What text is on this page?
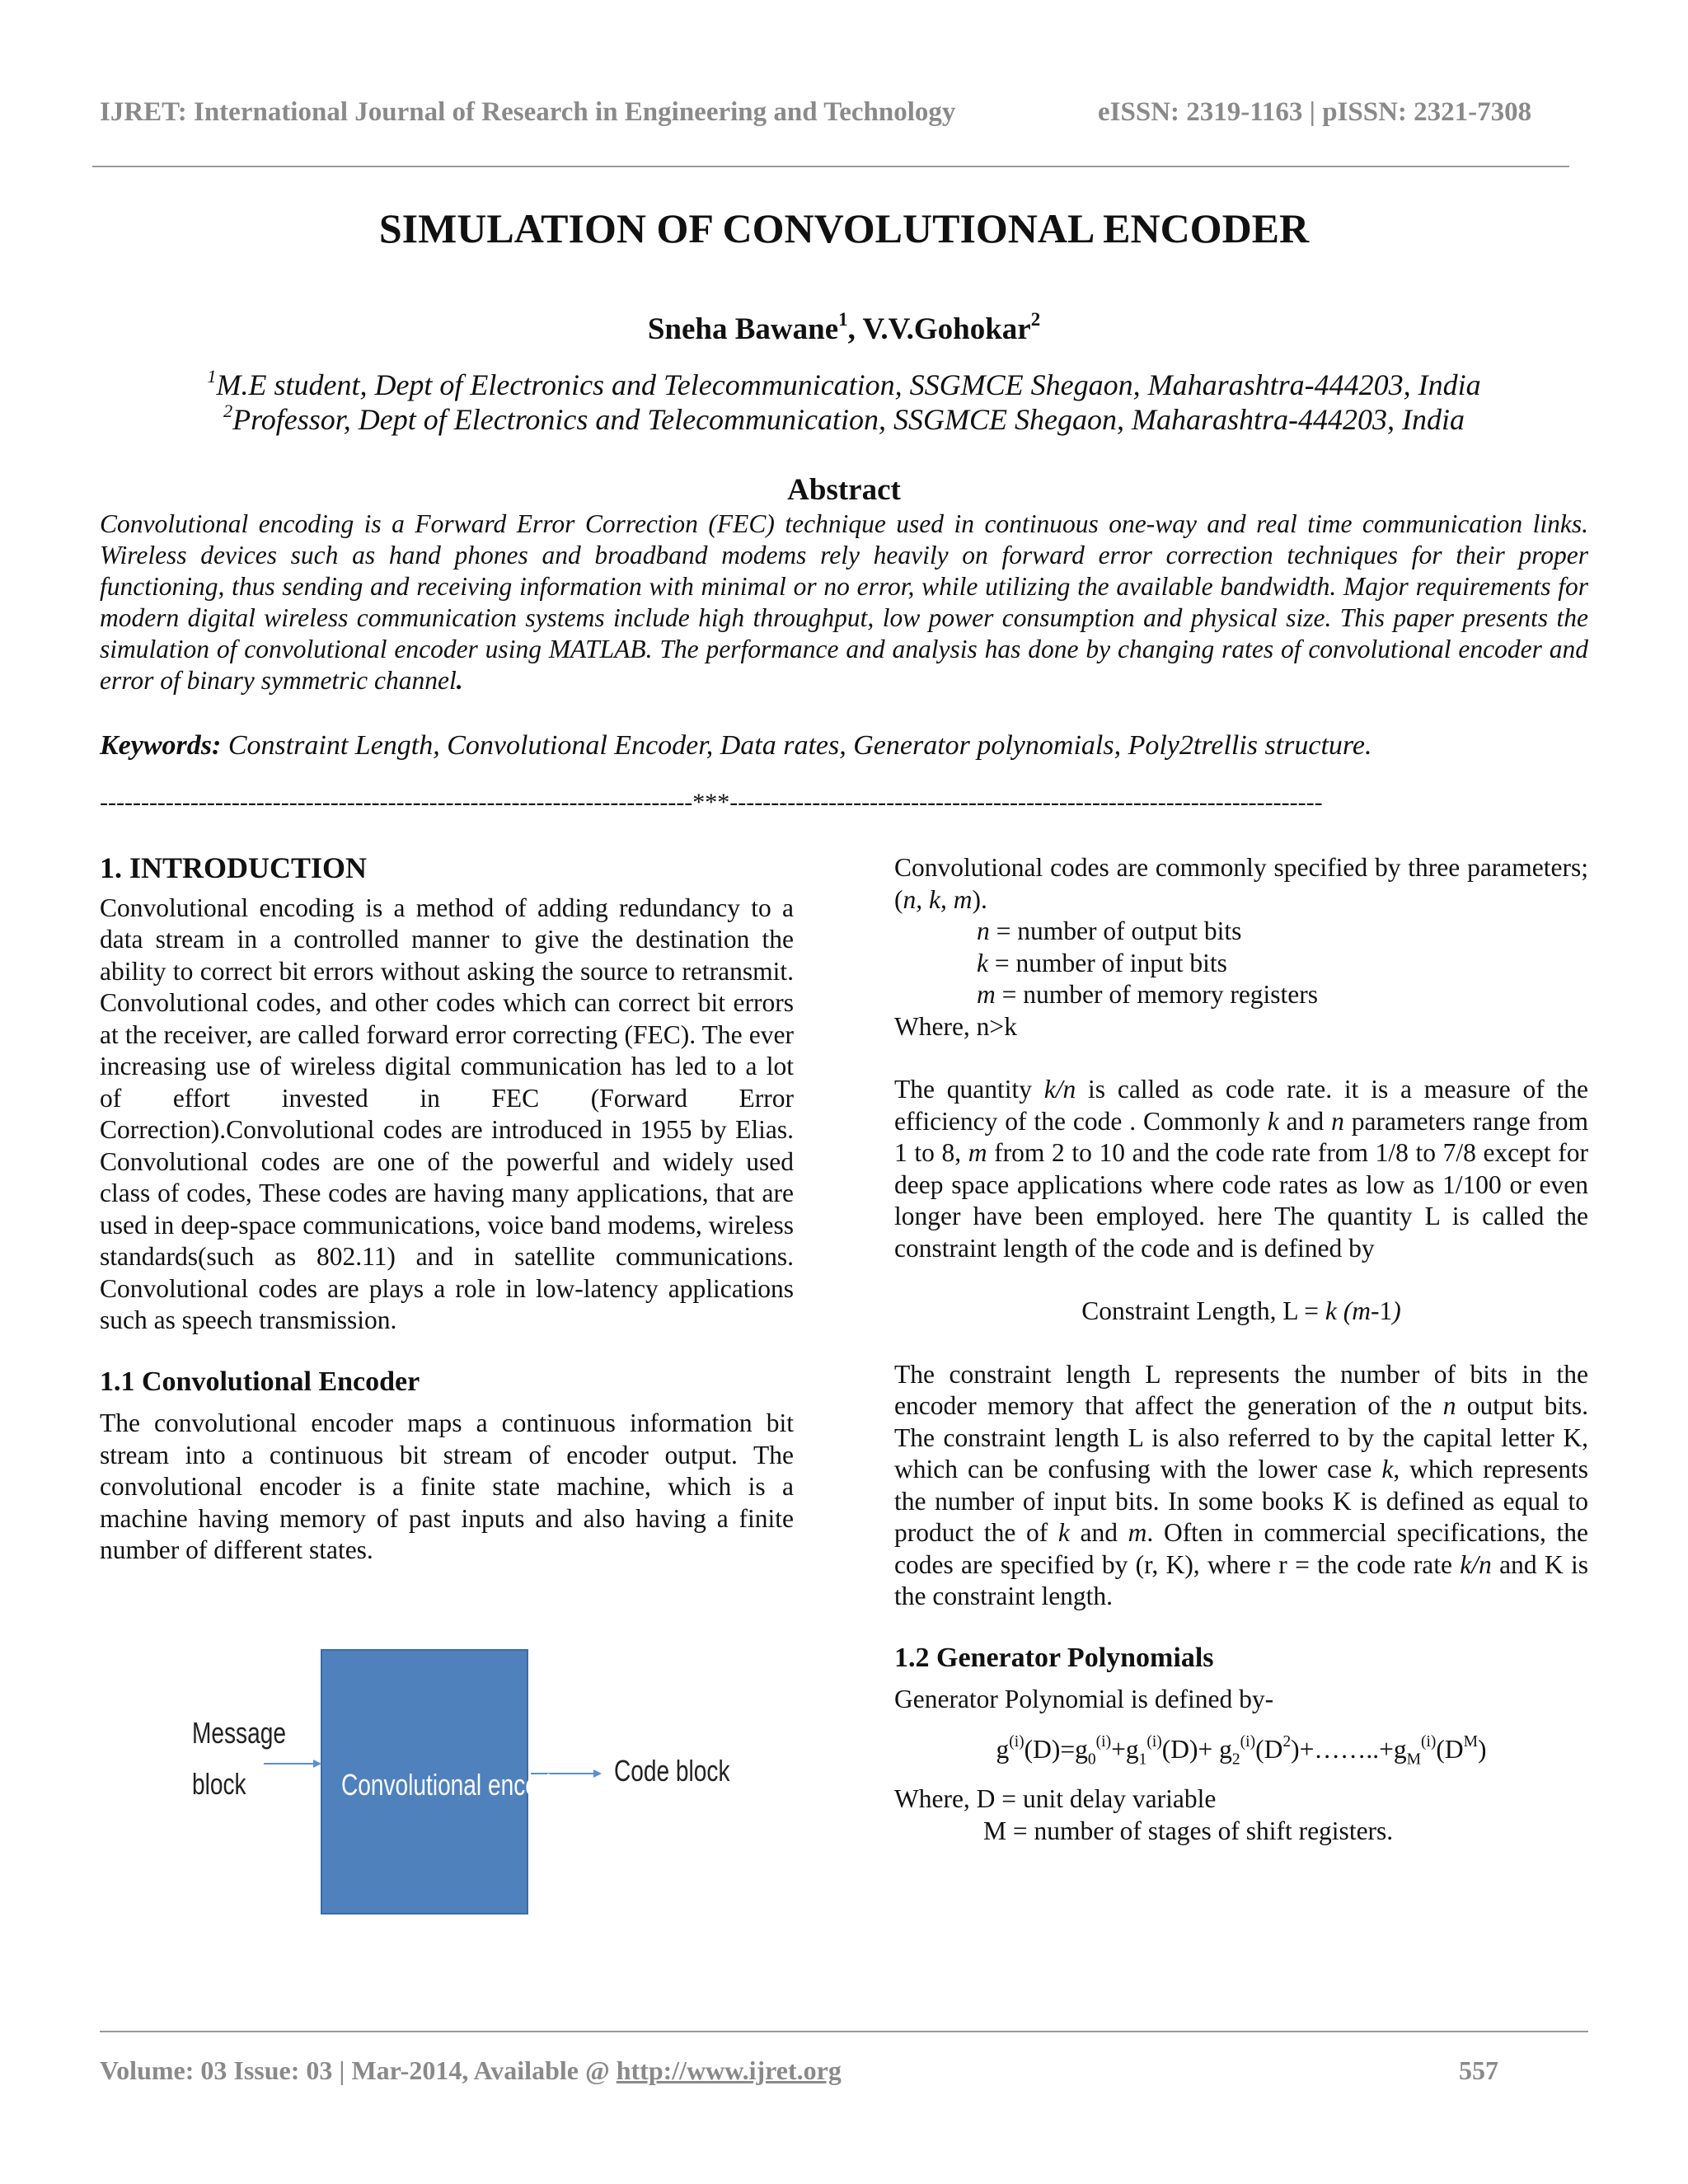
IJRET: International Journal of Research in Engineering and Technology	eISSN: 2319-1163 | pISSN: 2321-7308
SIMULATION OF CONVOLUTIONAL ENCODER
Sneha Bawane$^1$, V.V.Gohokar$^2$
$^1$M.E student, Dept of Electronics and Telecommunication, SSGMCE Shegaon, Maharashtra-444203, India
$^2$Professor, Dept of Electronics and Telecommunication, SSGMCE Shegaon, Maharashtra-444203, India
Abstract
Convolutional encoding is a Forward Error Correction (FEC) technique used in continuous one-way and real time communication links. Wireless devices such as hand phones and broadband modems rely heavily on forward error correction techniques for their proper functioning, thus sending and receiving information with minimal or no error, while utilizing the available bandwidth. Major requirements for modern digital wireless communication systems include high throughput, low power consumption and physical size. This paper presents the simulation of convolutional encoder using MATLAB. The performance and analysis has done by changing rates of convolutional encoder and error of binary symmetric channel.
Keywords: Constraint Length, Convolutional Encoder, Data rates, Generator polynomials, Poly2trellis structure.
------------------------------------------------------------------------***------------------------------------------------------------------------
1. INTRODUCTION
Convolutional encoding is a method of adding redundancy to a data stream in a controlled manner to give the destination the ability to correct bit errors without asking the source to retransmit. Convolutional codes, and other codes which can correct bit errors at the receiver, are called forward error correcting (FEC). The ever increasing use of wireless digital communication has led to a lot of effort invested in FEC (Forward Error Correction).Convolutional codes are introduced in 1955 by Elias. Convolutional codes are one of the powerful and widely used class of codes, These codes are having many applications, that are used in deep-space communications, voice band modems, wireless standards(such as 802.11) and in satellite communications. Convolutional codes are plays a role in low-latency applications such as speech transmission.
1.1 Convolutional Encoder
The convolutional encoder maps a continuous information bit stream into a continuous bit stream of encoder output. The convolutional encoder is a finite state machine, which is a machine having memory of past inputs and also having a finite number of different states.
Message
block	Convolutional encoder Code block
Convolutional codes are commonly specified by three parameters; (n, k, m).
n = number of output bits
k = number of input bits
m = number of memory registers
Where, n>k
The quantity k/n is called as code rate. it is a measure of the efficiency of the code . Commonly k and n parameters range from 1 to 8, m from 2 to 10 and the code rate from 1/8 to 7/8 except for deep space applications where code rates as low as 1/100 or even longer have been employed. here The quantity L is called the constraint length of the code and is defined by
Constraint Length, L = k (m-1)
The constraint length L represents the number of bits in the encoder memory that affect the generation of the n output bits. The constraint length L is also referred to by the capital letter K, which can be confusing with the lower case k, which represents the number of input bits. In some books K is defined as equal to product the of k and m. Often in commercial specifications, the codes are specified by (r, K), where r = the code rate k/n and K is the constraint length.
1.2 Generator Polynomials
Generator Polynomial is defined by-
$g^{(i)}(D)=g_0^{(i)}+g_1^{(i)}(D)+$ $g_2^{(i)}(D^2)+\dots\dots..+g_M^{(i)}(D^M)$
Where, D = unit delay variable
M = number of stages of shift registers.
Volume: 03 Issue: 03 | Mar-2014, Available @ http://www.ijret.org	557
